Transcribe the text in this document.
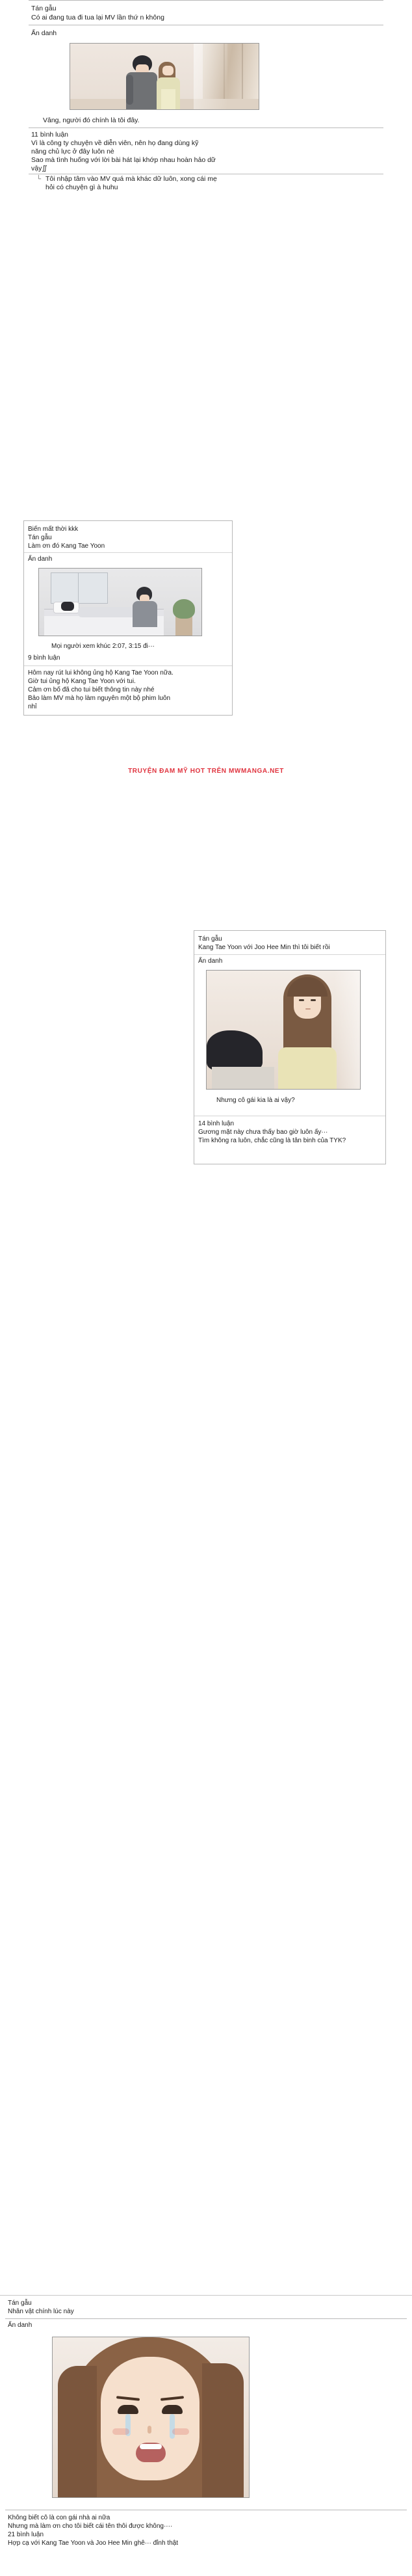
Tán gẫu
Có ai đang tua đi tua lại MV lần thứ n không
Ẩn danh
Vâng, người đó chính là tôi đây.
11 bình luận
Vì là công ty chuyện về diễn viên, nên họ đang dùng kỹ
năng chủ lực ở đây luôn nè
Sao mà tình huống với lời bài hát lại khớp nhau hoàn hảo dữ
vậy∬
└ Tôi nhập tâm vào MV quá mà khác dữ luôn, xong cái mẹ
hỏi có chuyện gì à huhu
Biến mất thời kkk
Tán gẫu
Làm ơn đó Kang Tae Yoon
Ẩn danh
Mọi người xem khúc 2:07, 3:15 đi···
9 bình luận
Hôm nay rút lui không ủng hộ Kang Tae Yoon nữa.
Giờ tui ủng hộ Kang Tae Yoon với tui.
Cảm ơn bố đã cho tui biết thông tin này nhé
Bảo làm MV mà họ làm nguyên một bộ phim luôn
nhỉ
TRUYỆN ĐAM MỸ HOT TRÊN MWMANGA.NET
Tán gẫu
Kang Tae Yoon với Joo Hee Min thì tôi biết rồi
Ẩn danh
Nhưng cô gái kia là ai vậy?
14 bình luận
Gương mặt này chưa thấy bao giờ luôn ấy···
Tìm không ra luôn, chắc cũng là tân binh của TYK?
Tán gẫu
Nhân vật chính lúc này
Ẩn danh
Không biết cô là con gái nhà ai nữa
Nhưng mà làm ơn cho tôi biết cái tên thôi được không····
21 bình luận
Hợp cạ với Kang Tae Yoon và Joo Hee Min ghê··· đỉnh thật
